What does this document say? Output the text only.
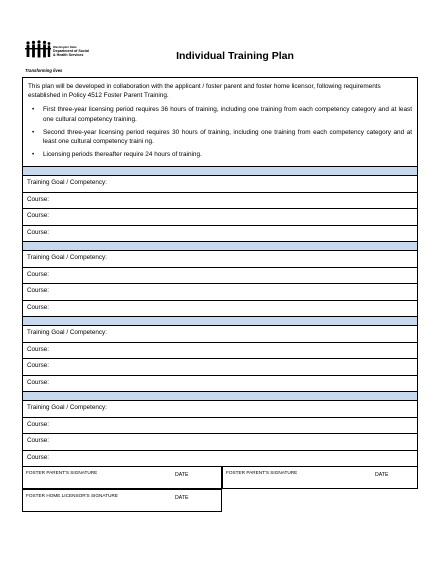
Washington State
Department of Social
& Health Services
Transforming lives
Individual Training Plan

This plan will be developed in collaboration with the applicant / foster parent and foster home licensor, following requirements established in Policy 4512 Foster Parent Training.

• First three-year licensing period requires 36 hours of training, including one training from each competency category and at least one cultural competency training.
• Second three-year licensing period requires 30 hours of training, including one training from each competency category and at least one cultural competency traini ng.
• Licensing periods thereafter require 24 hours of training.
Training Goal / Competency:
Course:
Course:
Course:
Training Goal / Competency:
Course:
Course:
Course:
Training Goal / Competency:
Course:
Course:
Course:
Training Goal / Competency:
Course:
Course:
Course:
FOSTER PARENT'S SIGNATURE	DATE	FOSTER PARENT'S SIGNATURE	DATE
FOSTER HOME LICENSOR'S SIGNATURE	DATE
